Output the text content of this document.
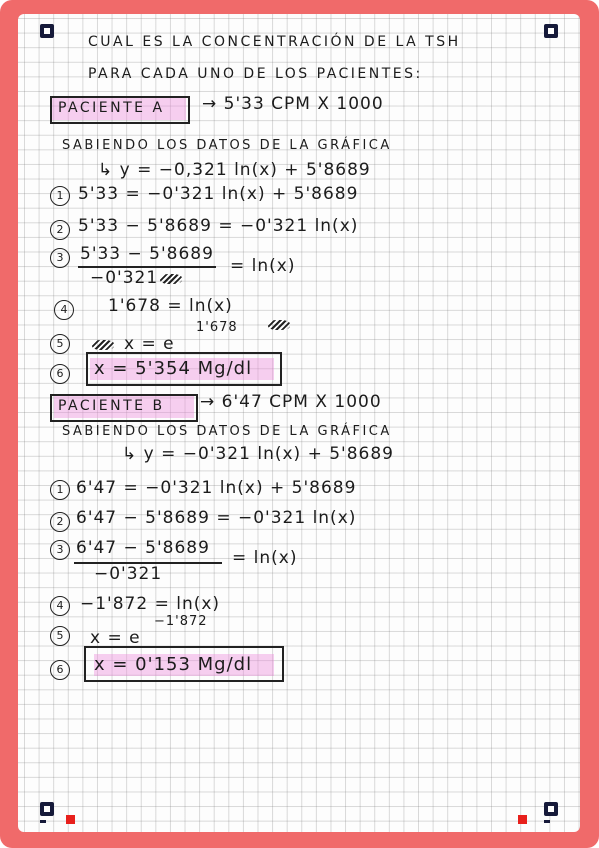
CUAL ES LA CONCENTRACIÓN DE LA TSH
PARA CADA UNO DE LOS PACIENTES:
PACIENTE A → 5'33 CPM X 1000
SABIENDO LOS DATOS DE LA GRÁFICA
↳ y = −0,321 ln(x) + 5'8689
1 5'33 = −0'321 ln(x) + 5'8689
2 5'33 − 5'8689 = −0'321 ln(x)
3 5'33 − 5'8689
−0'321
= ln(x)
4	1'678 = ln(x)
5	x = e
1'678
6	x = 5'354 Mg/dl
PACIENTE B → 6'47 CPM X 1000
SABIENDO LOS DATOS DE LA GRÁFICA
↳ y = −0'321 ln(x) + 5'8689
1 6'47 = −0'321 ln(x) + 5'8689
2 6'47 − 5'8689 = −0'321 ln(x)
3 6'47 − 5'8689
−0'321
= ln(x)
4 −1'872 = ln(x)
5	x = e
−1'872
6	x = 0'153 Mg/dl
